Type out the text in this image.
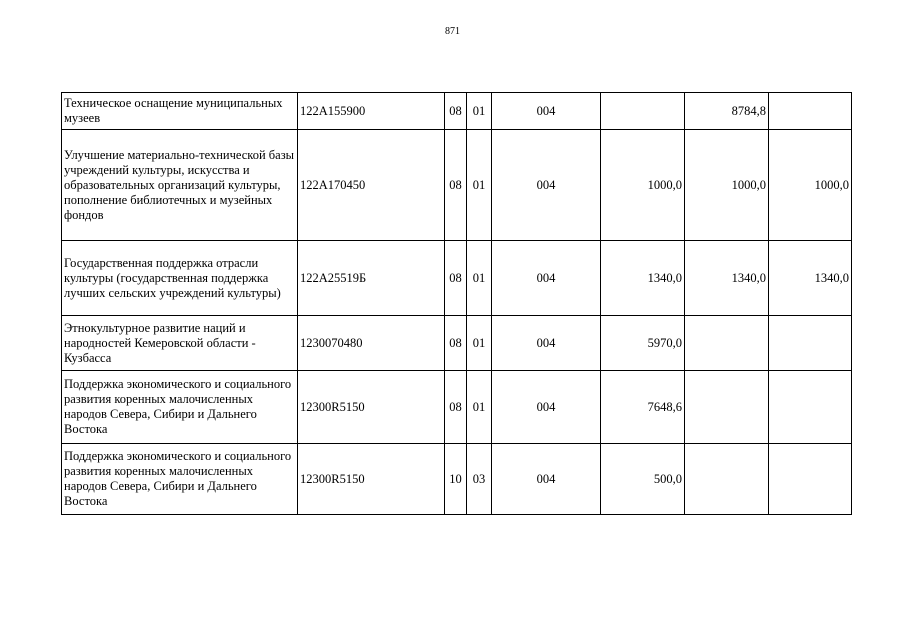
871
Техническое оснащение муниципальных музеев	122A155900	08	01	004		8784,8	
Улучшение материально-технической базы учреждений культуры, искусства и образовательных организаций культуры, пополнение библиотечных и музейных фондов	122A170450	08	01	004	1000,0	1000,0	1000,0
Государственная поддержка отрасли культуры (государственная поддержка лучших сельских учреждений культуры)	122A25519Б	08	01	004	1340,0	1340,0	1340,0
Этнокультурное развитие наций и народностей Кемеровской области - Кузбасса	1230070480	08	01	004	5970,0		
Поддержка экономического и социального развития коренных малочисленных народов Севера, Сибири и Дальнего Востока	12300R5150	08	01	004	7648,6		
Поддержка экономического и социального развития коренных малочисленных народов Севера, Сибири и Дальнего Востока	12300R5150	10	03	004	500,0		
